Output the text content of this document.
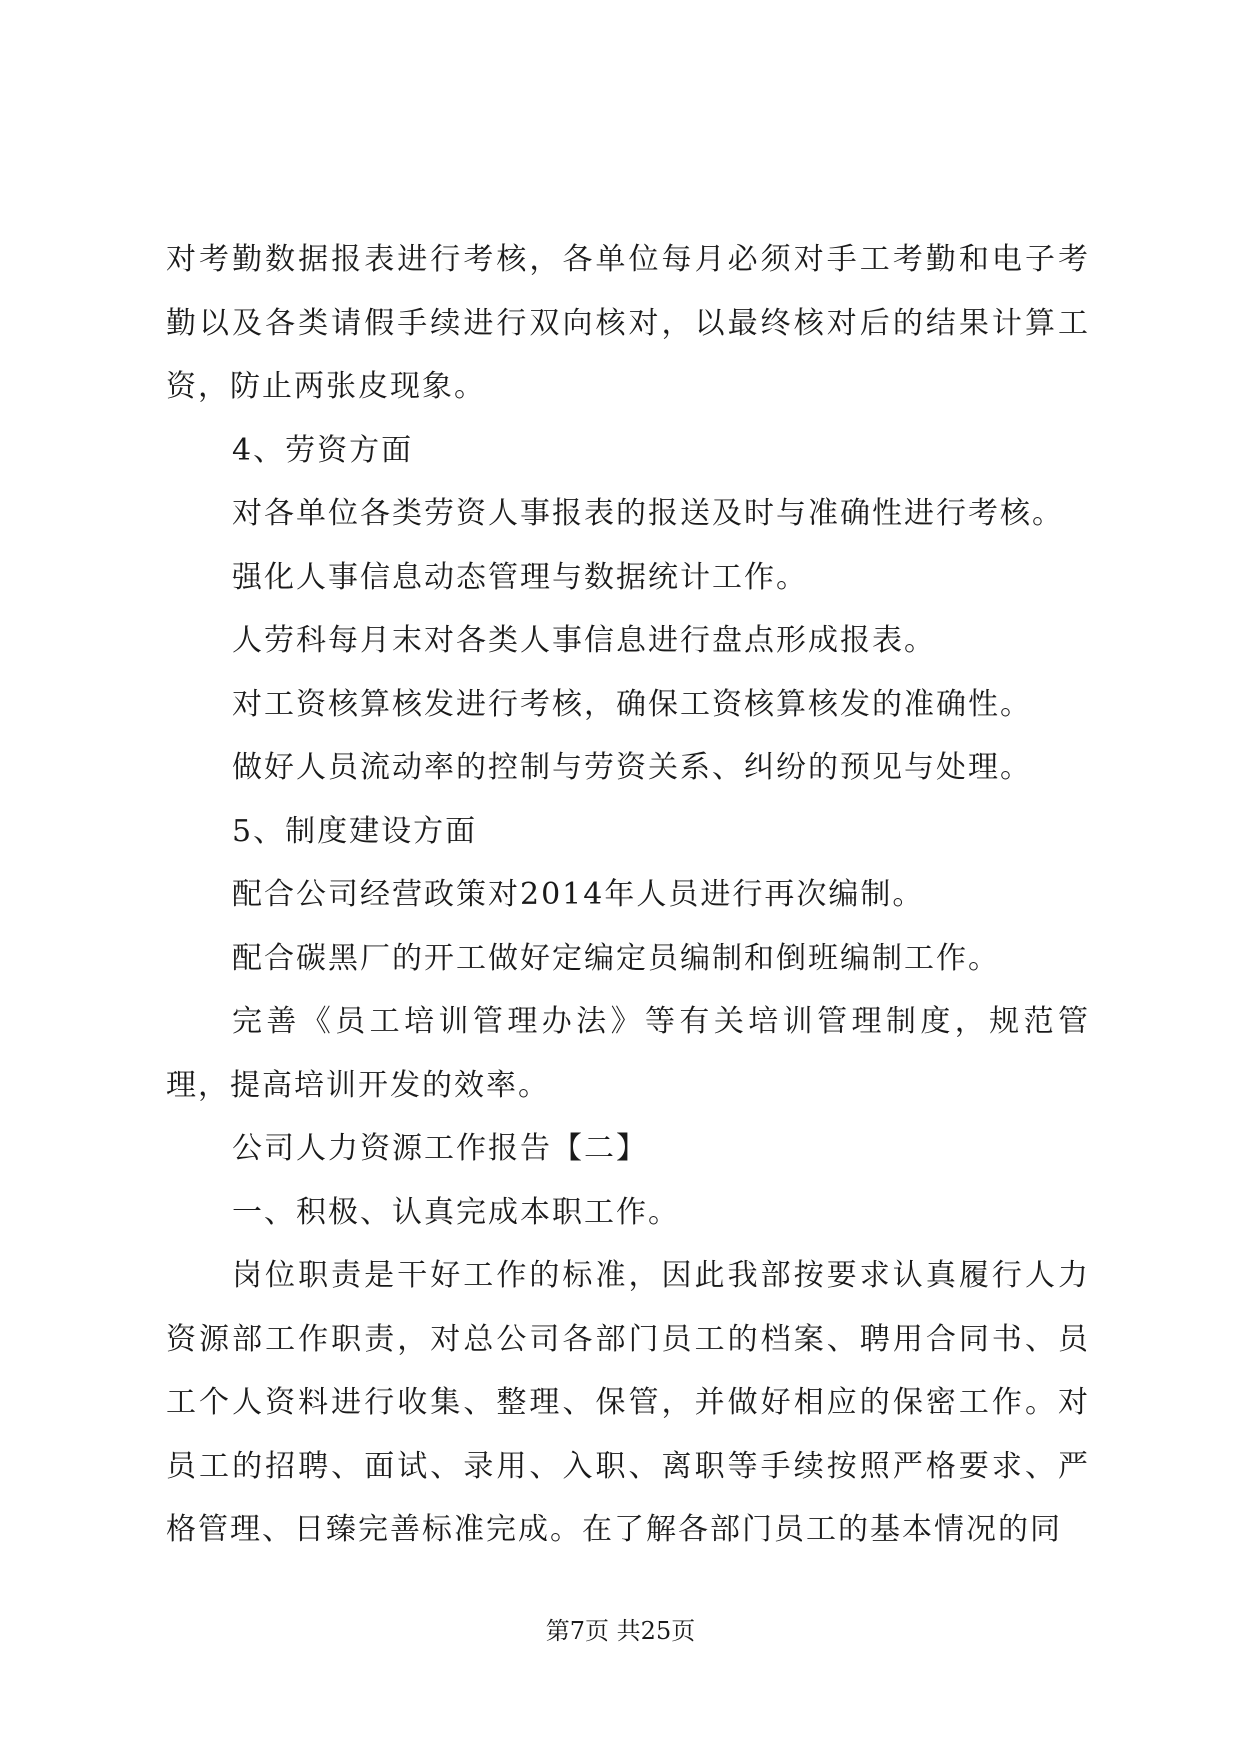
对考勤数据报表进行考核，各单位每月必须对手工考勤和电子考勤以及各类请假手续进行双向核对，以最终核对后的结果计算工资，防止两张皮现象。

4、劳资方面

对各单位各类劳资人事报表的报送及时与准确性进行考核。

强化人事信息动态管理与数据统计工作。

人劳科每月末对各类人事信息进行盘点形成报表。

对工资核算核发进行考核，确保工资核算核发的准确性。

做好人员流动率的控制与劳资关系、纠纷的预见与处理。

5、制度建设方面

配合公司经营政策对2014年人员进行再次编制。

配合碳黑厂的开工做好定编定员编制和倒班编制工作。

完善《员工培训管理办法》等有关培训管理制度，规范管理，提高培训开发的效率。

公司人力资源工作报告【二】

一、积极、认真完成本职工作。

岗位职责是干好工作的标准，因此我部按要求认真履行人力资源部工作职责，对总公司各部门员工的档案、聘用合同书、员工个人资料进行收集、整理、保管，并做好相应的保密工作。对员工的招聘、面试、录用、入职、离职等手续按照严格要求、严格管理、日臻完善标准完成。在了解各部门员工的基本情况的同

第7页 共25页
